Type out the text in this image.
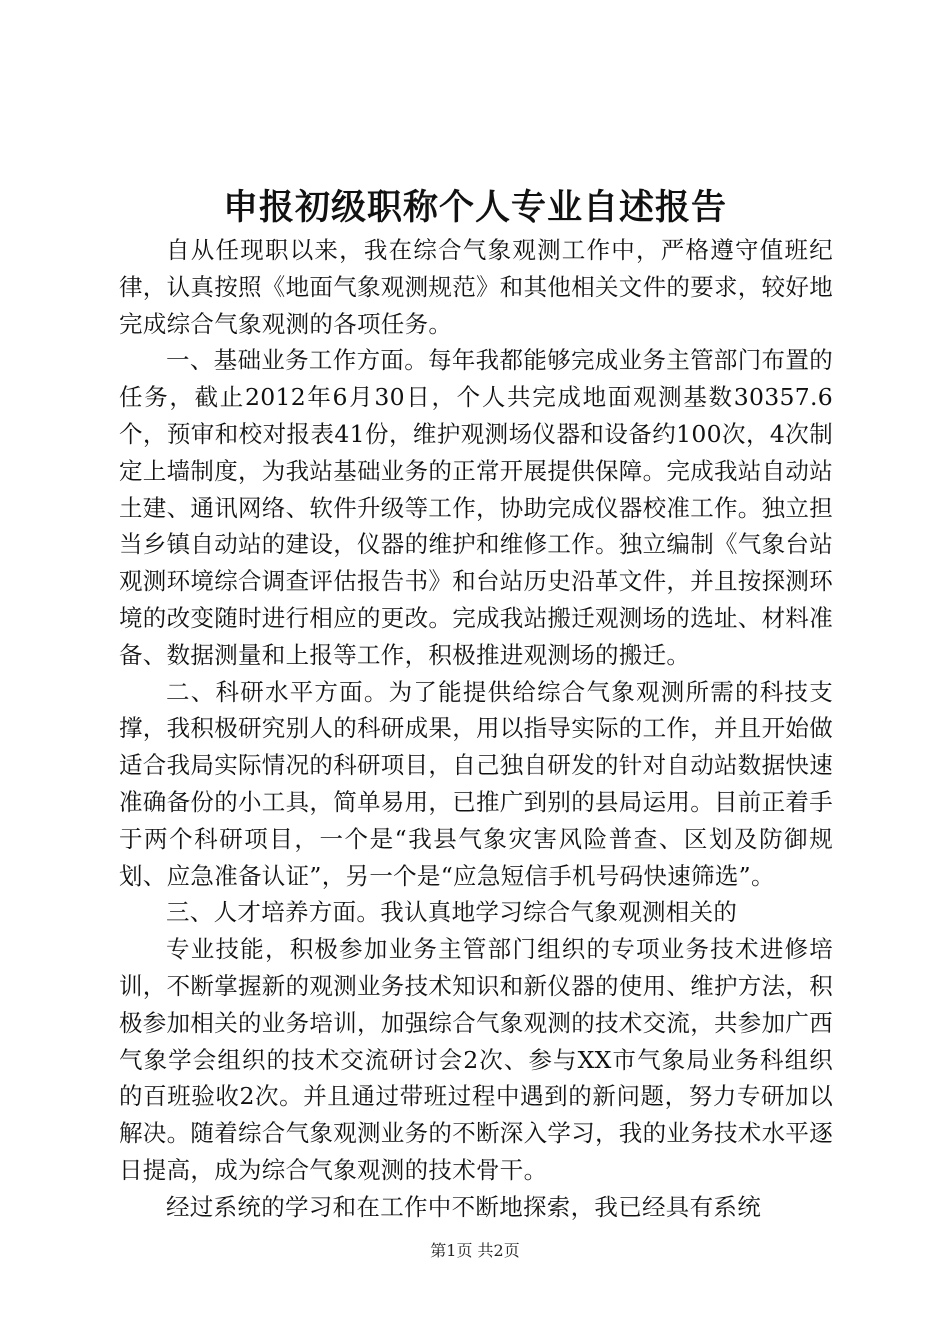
申报初级职称个人专业自述报告

自从任现职以来，我在综合气象观测工作中，严格遵守值班纪律，认真按照《地面气象观测规范》和其他相关文件的要求，较好地完成综合气象观测的各项任务。

一、基础业务工作方面。每年我都能够完成业务主管部门布置的任务，截止2012年6月30日，个人共完成地面观测基数30357.6个，预审和校对报表41份，维护观测场仪器和设备约100次，4次制定上墙制度，为我站基础业务的正常开展提供保障。完成我站自动站土建、通讯网络、软件升级等工作，协助完成仪器校准工作。独立担当乡镇自动站的建设，仪器的维护和维修工作。独立编制《气象台站观测环境综合调查评估报告书》和台站历史沿革文件，并且按探测环境的改变随时进行相应的更改。完成我站搬迁观测场的选址、材料准备、数据测量和上报等工作，积极推进观测场的搬迁。

二、科研水平方面。为了能提供给综合气象观测所需的科技支撑，我积极研究别人的科研成果，用以指导实际的工作，并且开始做适合我局实际情况的科研项目，自己独自研发的针对自动站数据快速准确备份的小工具，简单易用，已推广到别的县局运用。目前正着手于两个科研项目，一个是“我县气象灾害风险普查、区划及防御规划、应急准备认证”，另一个是“应急短信手机号码快速筛选”。

三、人才培养方面。我认真地学习综合气象观测相关的

专业技能，积极参加业务主管部门组织的专项业务技术进修培训，不断掌握新的观测业务技术知识和新仪器的使用、维护方法，积极参加相关的业务培训，加强综合气象观测的技术交流，共参加广西气象学会组织的技术交流研讨会2次、参与XX市气象局业务科组织的百班验收2次。并且通过带班过程中遇到的新问题，努力专研加以解决。随着综合气象观测业务的不断深入学习，我的业务技术水平逐日提高，成为综合气象观测的技术骨干。

经过系统的学习和在工作中不断地探索，我已经具有系统

第1页 共2页
